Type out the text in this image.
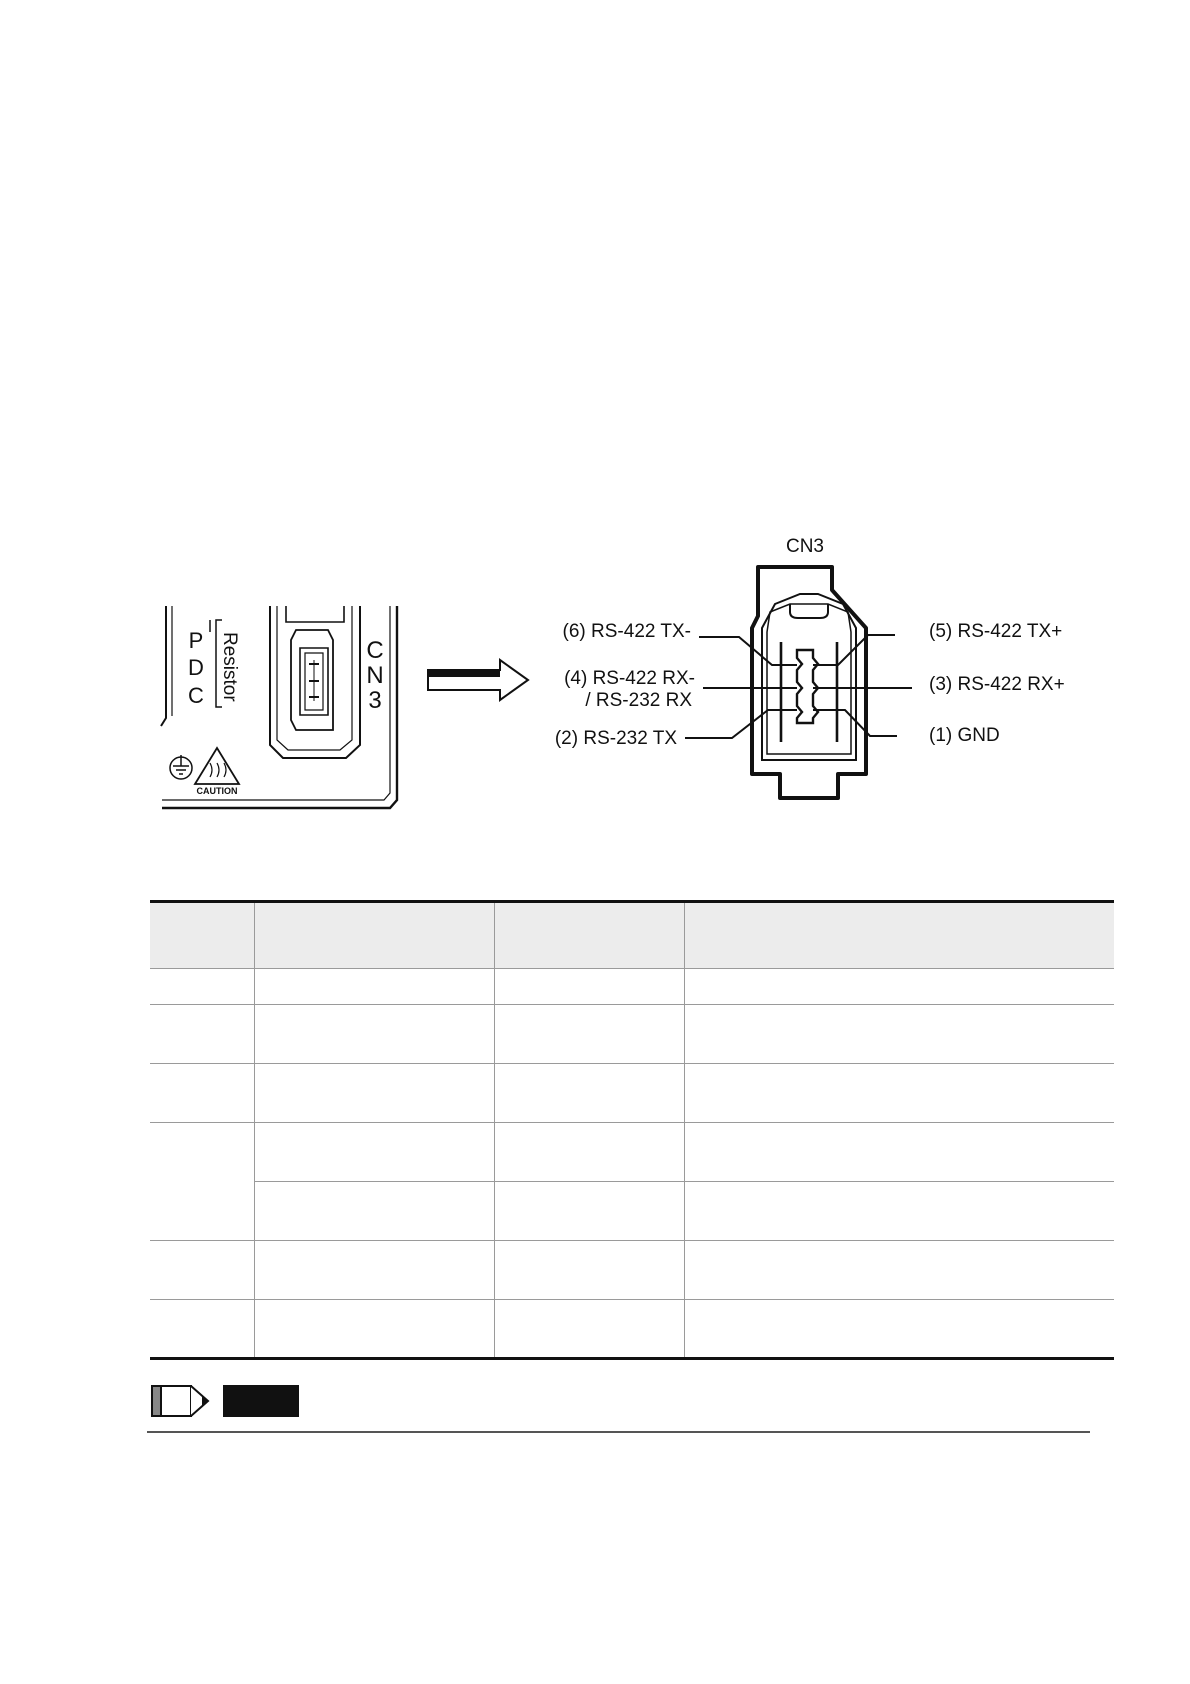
P
D
C Resistor	C
N
3
CAUTION
CN3
(6) RS-422 TX-
(4) RS-422 RX-
/ RS-232 RX
(2) RS-232 TX
(5) RS-422 TX+
(3) RS-422 RX+
(1) GND
